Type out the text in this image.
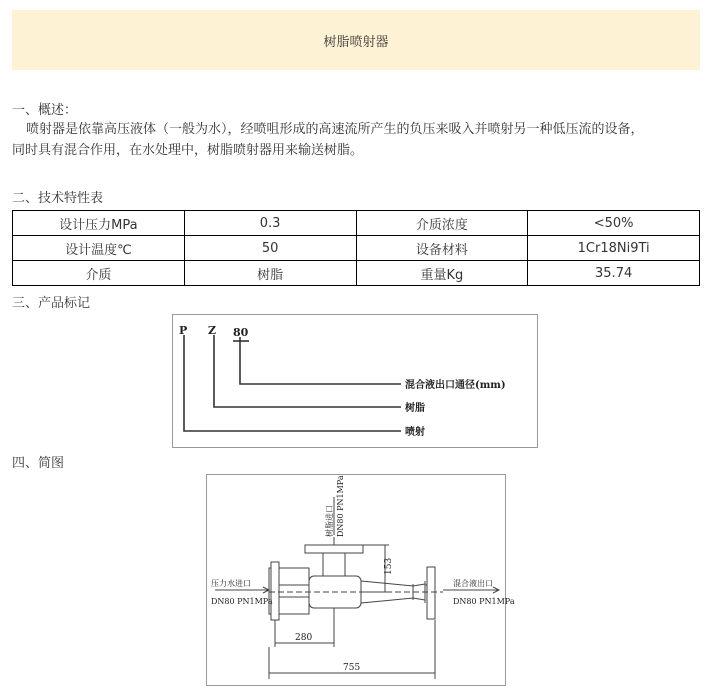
树脂喷射器
一、概述：

喷射器是依靠高压液体（一般为水），经喷咀形成的高速流所产生的负压来吸入并喷射另一种低压流的设备，

同时具有混合作用，在水处理中，树脂喷射器用来输送树脂。

二、技术特性表
设计压力MPa	0.3	介质浓度	<50%
设计温度℃	50	设备材料	1Cr18Ni9Ti
介质	树脂	重量Kg	35.74
三、产品标记
P Z 80
混合液出口通径(mm)
树脂
喷射
四、简图
树脂进口 DN80 PN1MPa
压力水进口
DN80 PN1MPa
混合液出口
DN80 PN1MPa
153
280
755
